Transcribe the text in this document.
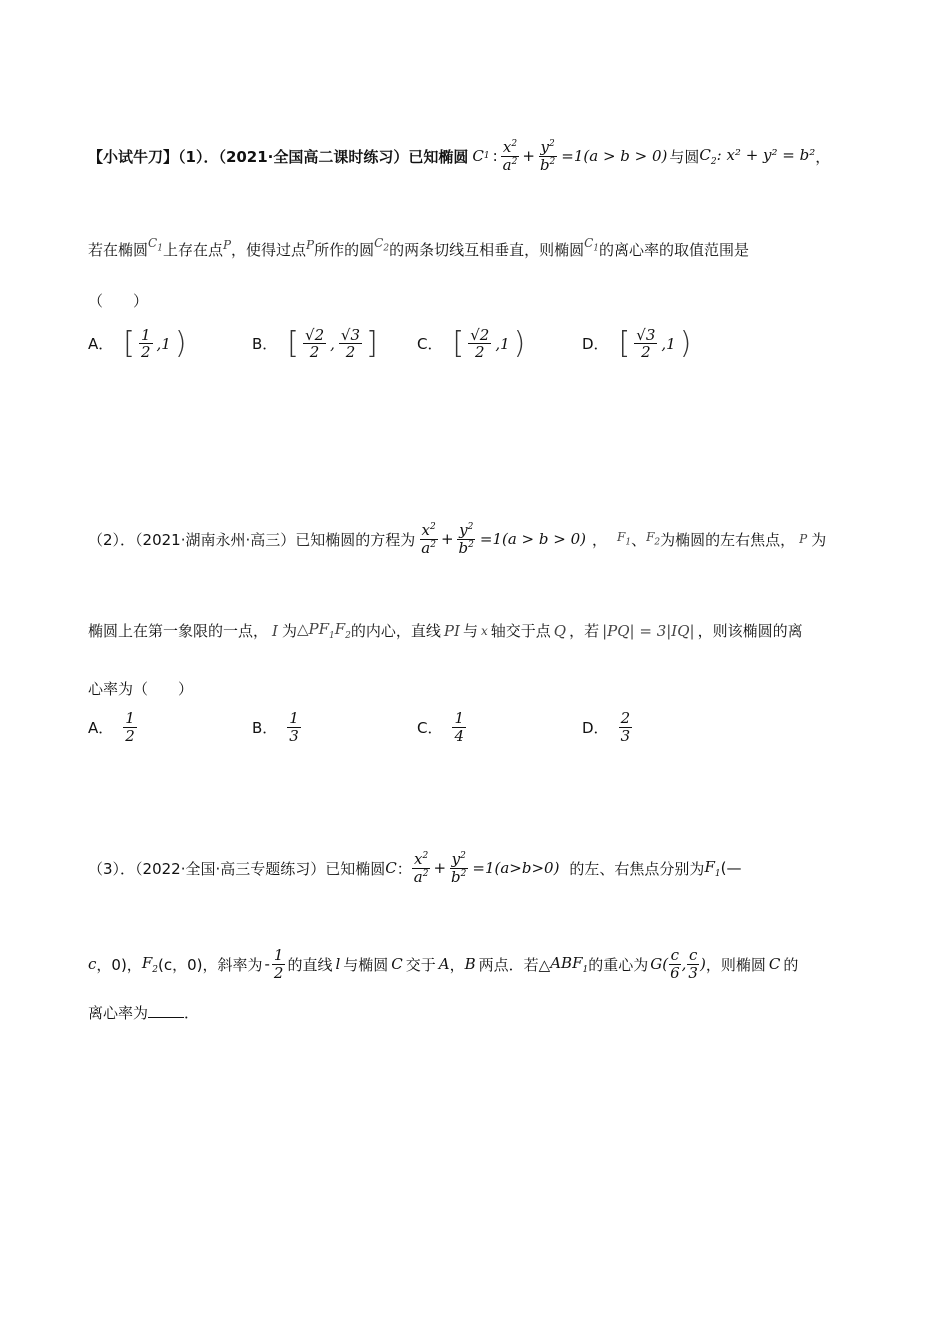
【小试牛刀】（1）．（2021·全国高二课时练习）已知椭圆 C 1 : $\frac{x^2}{a^2} + \frac{y^2}{b^2} =1(a > b > 0)$ 与圆 $C_2$: x² + y² = b² ，
若在椭圆$^{C_1}$上存在点$^P$，使得过点$^P$所作的圆$^{C_2}$的两条切线互相垂直，则椭圆$^{C_1}$的离心率的取值范围是
（　　）
A． [ $\frac{1}{2} ,1$ )	B． [ $\frac{√2}{2}$ , $\frac{√3}{2}$ ]	C． [ $\frac{√2}{2} ,1$ )	D． [ $\frac{√3}{2} ,1$ )
（2）．（2021·湖南永州·高三）已知椭圆的方程为 $\frac{x^2}{a^2} + \frac{y^2}{b^2} =1(a > b > 0)$ ， $F_1$ 、 $F_2$ 为椭圆的左右焦点， P 为
椭圆上在第一象限的一点， I 为 $\triangle PF_1F_2$ 的内心，直线 PI 与 x 轴交于点 Q ，若 |PQ| = 3|IQ| ，则该椭圆的离
心率为（　　）
A． $\frac{1}{2}$	B． $\frac{1}{3}$	C． $\frac{1}{4}$	D． $\frac{2}{3}$
（3）．（2022·全国·高三专题练习）已知椭圆 C ： $\frac{x^2}{a^2} + \frac{y^2}{b^2} =1(a>b>0)$ 的左、右焦点分别为 $F_1$ (—
c ，0)， $F_2$ (c，0)，斜率为 - $\frac{1}{2}$ 的直线 l 与椭圆 C 交于 A ， B 两点．若△ $ABF_1$ 的重心为 G ( $\frac{c}{6}$ , $\frac{c}{3}$ ) ，则椭圆 C 的
离心率为 ．
